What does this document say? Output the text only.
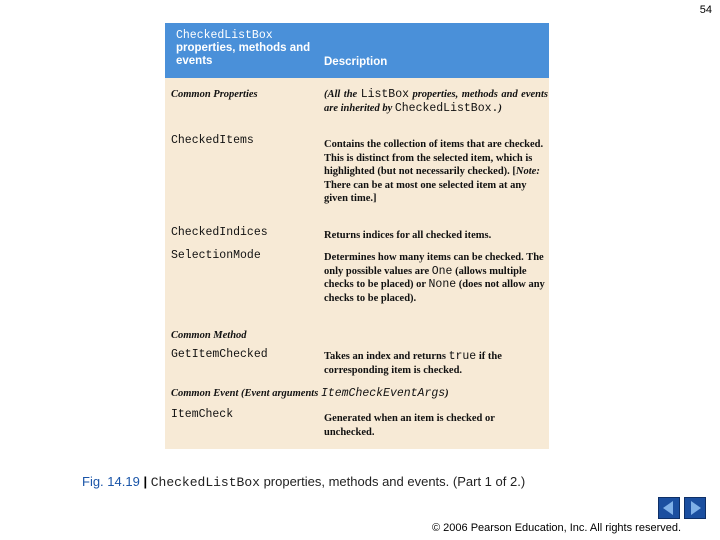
54
CheckedListBox
properties, methods and events	Description
Common Properties	(All the ListBox properties, methods and events are inherited by CheckedListBox.)
CheckedItems	Contains the collection of items that are checked. This is distinct from the selected item, which is highlighted (but not necessarily checked). [Note: There can be at most one selected item at any given time.]
CheckedIndices	Returns indices for all checked items.
SelectionMode	Determines how many items can be checked. The only possible values are One (allows multiple checks to be placed) or None (does not allow any checks to be placed).
Common Method
GetItemChecked	Takes an index and returns true if the corresponding item is checked.
Common Event (Event arguments ItemCheckEventArgs)
ItemCheck	Generated when an item is checked or unchecked.
Fig. 14.19 | CheckedListBox properties, methods and events. (Part 1 of 2.)
© 2006 Pearson Education, Inc. All rights reserved.
